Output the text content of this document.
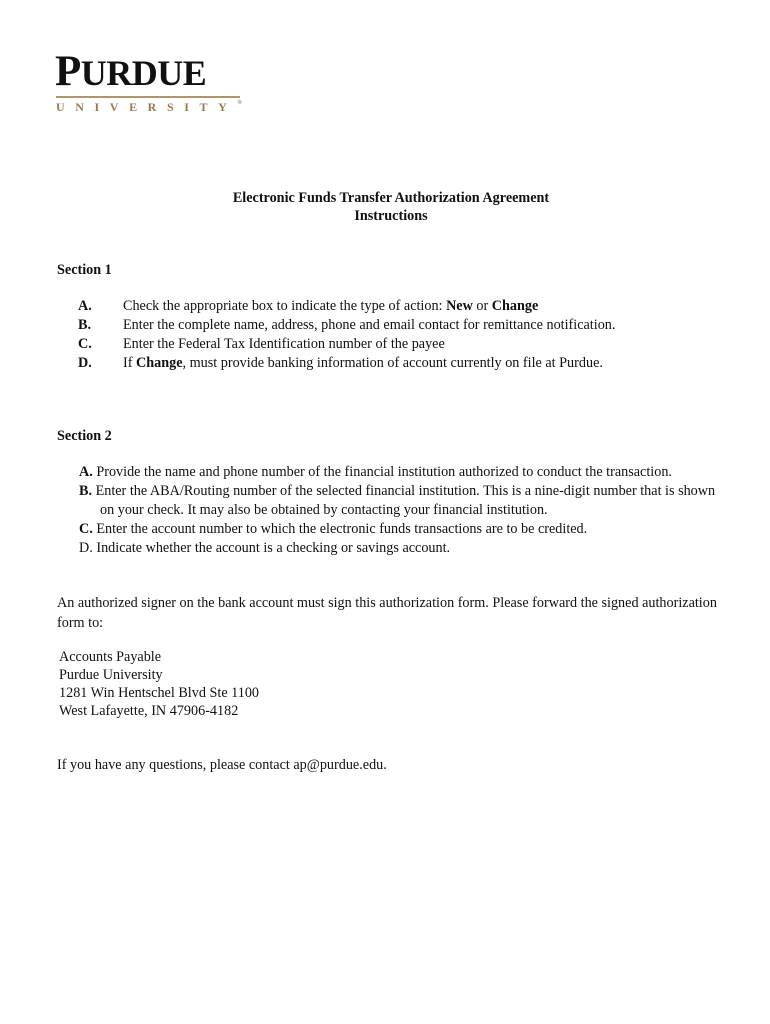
PURDUE
UNIVERSITY®
Electronic Funds Transfer Authorization Agreement
Instructions
Section 1
A.	Check the appropriate box to indicate the type of action: New or Change
B.	Enter the complete name, address, phone and email contact for remittance notification.
C.	Enter the Federal Tax Identification number of the payee
D.	If Change, must provide banking information of account currently on file at Purdue.
Section 2
A. Provide the name and phone number of the financial institution authorized to conduct the transaction.
B. Enter the ABA/Routing number of the selected financial institution. This is a nine-digit number that is shown on your check. It may also be obtained by contacting your financial institution.
C. Enter the account number to which the electronic funds transactions are to be credited.
D. Indicate whether the account is a checking or savings account.
An authorized signer on the bank account must sign this authorization form. Please forward the signed authorization form to:
Accounts Payable
Purdue University
1281 Win Hentschel Blvd Ste 1100
West Lafayette, IN 47906-4182
If you have any questions, please contact ap@purdue.edu.
